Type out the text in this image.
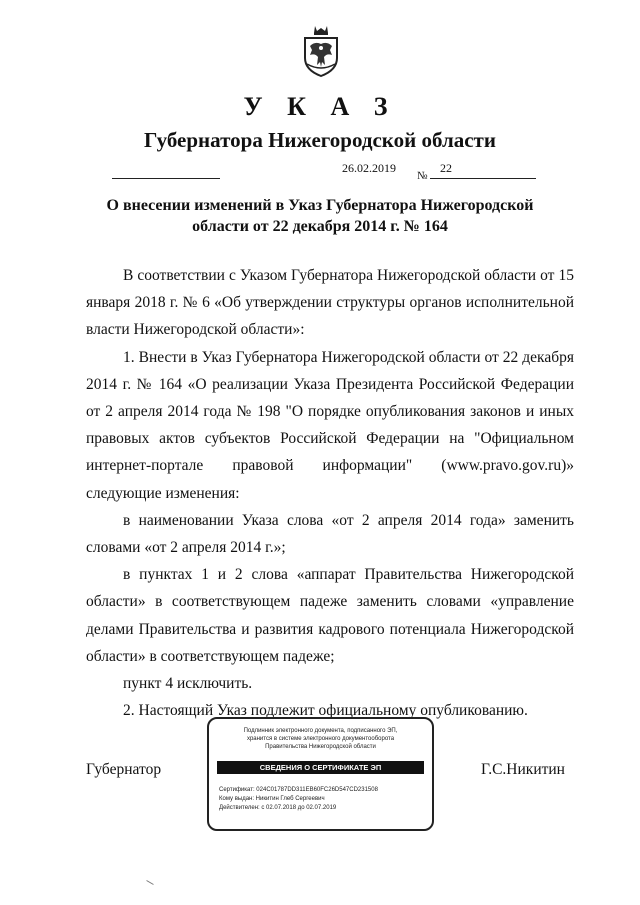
У К А З
Губернатора Нижегородской области
26.02.2019
№
22
О внесении изменений в Указ Губернатора Нижегородской
области от 22 декабря 2014 г. № 164

В соответствии с Указом Губернатора Нижегородской области от 15 января 2018 г. № 6 «Об утверждении структуры органов исполнительной власти Нижегородской области»:

1. Внести в Указ Губернатора Нижегородской области от 22 декабря 2014 г. № 164 «О реализации Указа Президента Российской Федерации от 2 апреля 2014 года № 198 "О порядке опубликования законов и иных правовых актов субъектов Российской Федерации на "Официальном интернет-портале правовой информации" (www.pravo.gov.ru)» следующие изменения:

в наименовании Указа слова «от 2 апреля 2014 года» заменить словами «от 2 апреля 2014 г.»;

в пунктах 1 и 2 слова «аппарат Правительства Нижегородской области» в соответствующем падеже заменить словами «управление делами Правительства и развития кадрового потенциала Нижегородской области» в соответствующем падеже;

пункт 4 исключить.

2. Настоящий Указ подлежит официальному опубликованию.

Губернатор
Подлинник электронного документа, подписанного ЭП,
хранится в системе электронного документооборота
Правительства Нижегородской области
СВЕДЕНИЯ О СЕРТИФИКАТЕ ЭП
Сертификат: 024C01787DD311EB60FC26D547CD231508
Кому выдан: Никитин Глеб Сергеевич
Действителен: с 02.07.2018 до 02.07.2019
Г.С.Никитин
